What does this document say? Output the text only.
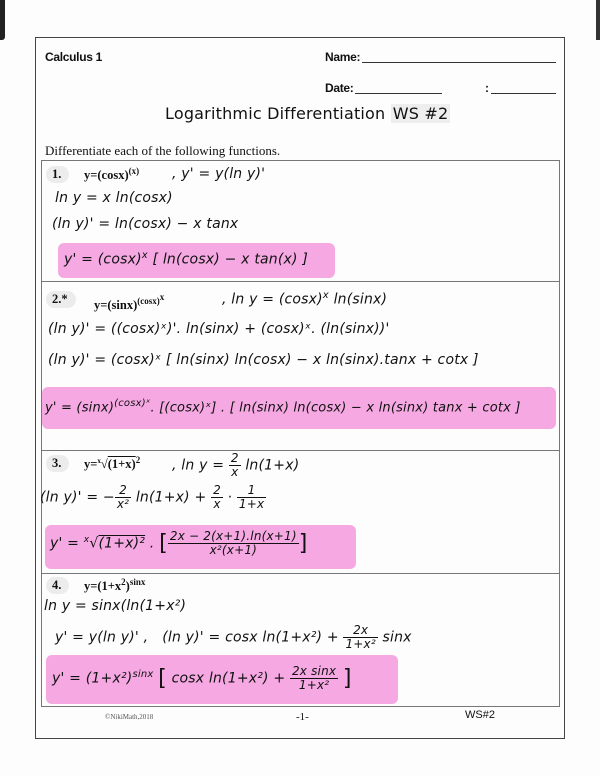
Calculus 1	Name:
Date:	:
Logarithmic Differentiation WS #2
Differentiate each of the following functions.
1.	$y=(\cos x)^{(x)}$ , y' = y(ln y)'
ln y = x ln(cosx)
(ln y)' = ln(cosx) − x tanx
$y' = (\cos x)^x$ [ ln(cosx) − x tan(x) ]
2.*	$y=(\sin x)^{(cosx)^x}$	, $\ln y = (\cos x)^x$ ln(sinx)
(ln y)' = ((cosx)ˣ)'. ln(sinx) + (cosx)ˣ. (ln(sinx))'
(ln y)' = (cosx)ˣ [ ln(sinx) ln(cosx) − x ln(sinx).tanx + cotx ]
$y' = (\sin x)^{(cosx)ˣ}$. [(cosx)ˣ] . [ ln(sinx) ln(cosx) − x ln(sinx) tanx + cotx ]
3.	$y=^x√(1+x)^2$ , $\ln y = \frac{2}{x} \ln(1+x)$
(ln y)' = − $\frac{2}{\text{x²}} \ln(1+x) + \frac{2}{x} \cdot \frac{1}{1+x}$
y' = $^x$√(1+x)² . [ $\frac{2x - 2(x+1).\ln(x+1)}{\text{x²(x+1)}}$ ]
4.	$y=(1+x^2)^{sinx}$
ln y = sinx(ln(1+x²)
y' = y(ln y)' , (ln y)' = cosx $\ln(1+x^2) + \frac{2x}{\text{1+x²}}$ sinx
$y' = (1+x^2)^{sinx}$ [ cosx $\ln(1+x^2) + \frac{\text{2x sinx}}{\text{1+x²}}$ ]
©NikiMath,2018	-1-	WS#2
